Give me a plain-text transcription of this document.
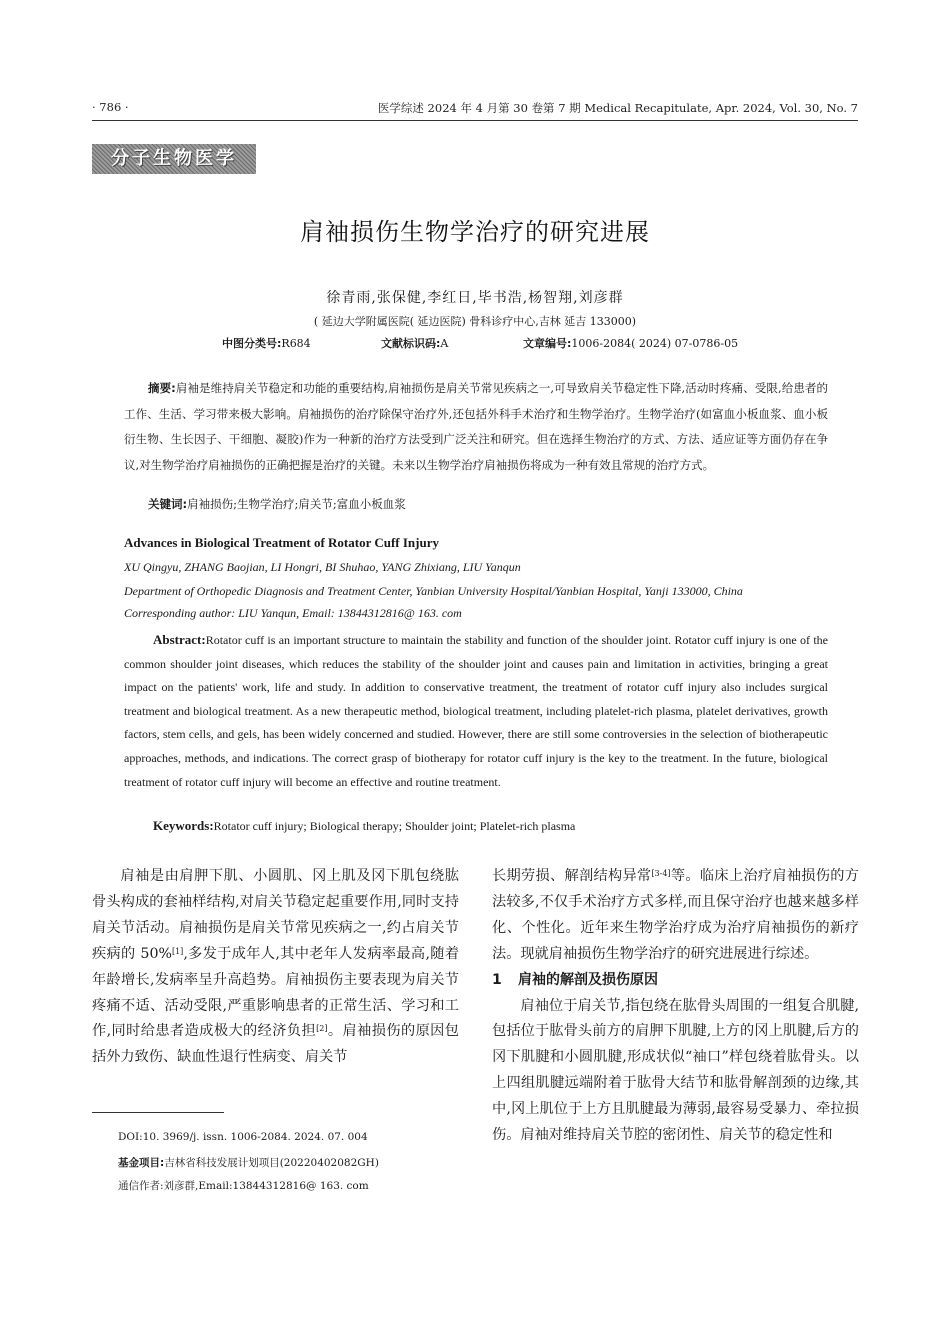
· 786 ·	医学综述 2024 年 4 月第 30 卷第 7 期 Medical Recapitulate, Apr. 2024, Vol. 30, No. 7
分子生物医学
肩袖损伤生物学治疗的研究进展
徐青雨,张保健,李红日,毕书浩,杨智翔,刘彦群
( 延边大学附属医院( 延边医院) 骨科诊疗中心,吉林 延吉 133000)
中图分类号:R684	文献标识码:A	文章编号:1006-2084( 2024) 07-0786-05
摘要:肩袖是维持肩关节稳定和功能的重要结构,肩袖损伤是肩关节常见疾病之一,可导致肩关节稳定性下降,活动时疼痛、受限,给患者的工作、生活、学习带来极大影响。肩袖损伤的治疗除保守治疗外,还包括外科手术治疗和生物学治疗。生物学治疗(如富血小板血浆、血小板衍生物、生长因子、干细胞、凝胶)作为一种新的治疗方法受到广泛关注和研究。但在选择生物治疗的方式、方法、适应证等方面仍存在争议,对生物学治疗肩袖损伤的正确把握是治疗的关键。未来以生物学治疗肩袖损伤将成为一种有效且常规的治疗方式。
关键词:肩袖损伤;生物学治疗;肩关节;富血小板血浆
Advances in Biological Treatment of Rotator Cuff Injury
XU Qingyu, ZHANG Baojian, LI Hongri, BI Shuhao, YANG Zhixiang, LIU Yanqun
Department of Orthopedic Diagnosis and Treatment Center, Yanbian University Hospital/Yanbian Hospital, Yanji 133000, China
Corresponding author: LIU Yanqun, Email: 13844312816@ 163. com
Abstract:Rotator cuff is an important structure to maintain the stability and function of the shoulder joint. Rotator cuff injury is one of the common shoulder joint diseases, which reduces the stability of the shoulder joint and causes pain and limitation in activities, bringing a great impact on the patients' work, life and study. In addition to conservative treatment, the treatment of rotator cuff injury also includes surgical treatment and biological treatment. As a new therapeutic method, biological treatment, including platelet-rich plasma, platelet derivatives, growth factors, stem cells, and gels, has been widely concerned and studied. However, there are still some controversies in the selection of biotherapeutic approaches, methods, and indications. The correct grasp of biotherapy for rotator cuff injury is the key to the treatment. In the future, biological treatment of rotator cuff injury will become an effective and routine treatment.
Keywords:Rotator cuff injury; Biological therapy; Shoulder joint; Platelet-rich plasma

肩袖是由肩胛下肌、小圆肌、冈上肌及冈下肌包绕肱骨头构成的套袖样结构,对肩关节稳定起重要作用,同时支持肩关节活动。肩袖损伤是肩关节常见疾病之一,约占肩关节疾病的 50%[1],多发于成年人,其中老年人发病率最高,随着年龄增长,发病率呈升高趋势。肩袖损伤主要表现为肩关节疼痛不适、活动受限,严重影响患者的正常生活、学习和工作,同时给患者造成极大的经济负担[2]。肩袖损伤的原因包括外力致伤、缺血性退行性病变、肩关节

长期劳损、解剖结构异常[3-4]等。临床上治疗肩袖损伤的方法较多,不仅手术治疗方式多样,而且保守治疗也越来越多样化、个性化。近年来生物学治疗成为治疗肩袖损伤的新疗法。现就肩袖损伤生物学治疗的研究进展进行综述。

1 肩袖的解剖及损伤原因

肩袖位于肩关节,指包绕在肱骨头周围的一组复合肌腱,包括位于肱骨头前方的肩胛下肌腱,上方的冈上肌腱,后方的冈下肌腱和小圆肌腱,形成状似“袖口”样包绕着肱骨头。以上四组肌腱远端附着于肱骨大结节和肱骨解剖颈的边缘,其中,冈上肌位于上方且肌腱最为薄弱,最容易受暴力、牵拉损伤。肩袖对维持肩关节腔的密闭性、肩关节的稳定性和

DOI:10. 3969/j. issn. 1006-2084. 2024. 07. 004
基金项目:吉林省科技发展计划项目(20220402082GH)
通信作者:刘彦群,Email:13844312816@ 163. com
